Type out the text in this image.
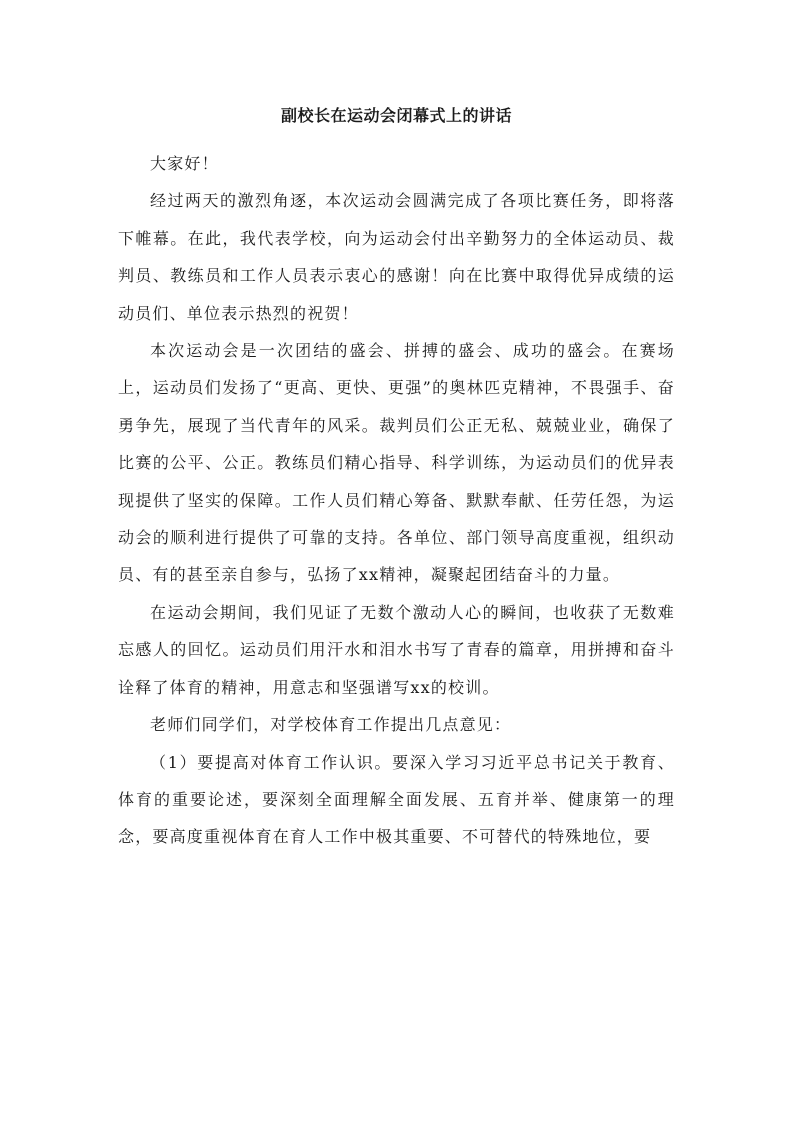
副校长在运动会闭幕式上的讲话

大家好！

经过两天的激烈角逐，本次运动会圆满完成了各项比赛任务，即将落下帷幕。在此，我代表学校，向为运动会付出辛勤努力的全体运动员、裁判员、教练员和工作人员表示衷心的感谢！向在比赛中取得优异成绩的运动员们、单位表示热烈的祝贺！

本次运动会是一次团结的盛会、拼搏的盛会、成功的盛会。在赛场上，运动员们发扬了“更高、更快、更强”的奥林匹克精神，不畏强手、奋勇争先，展现了当代青年的风采。裁判员们公正无私、兢兢业业，确保了比赛的公平、公正。教练员们精心指导、科学训练，为运动员们的优异表现提供了坚实的保障。工作人员们精心筹备、默默奉献、任劳任怨，为运动会的顺利进行提供了可靠的支持。各单位、部门领导高度重视，组织动员、有的甚至亲自参与，弘扬了xx精神，凝聚起团结奋斗的力量。

在运动会期间，我们见证了无数个激动人心的瞬间，也收获了无数难忘感人的回忆。运动员们用汗水和泪水书写了青春的篇章，用拼搏和奋斗诠释了体育的精神，用意志和坚强谱写xx的校训。

老师们同学们，对学校体育工作提出几点意见：

（1）要提高对体育工作认识。要深入学习习近平总书记关于教育、体育的重要论述，要深刻全面理解全面发展、五育并举、健康第一的理念，要高度重视体育在育人工作中极其重要、不可替代的特殊地位，要
